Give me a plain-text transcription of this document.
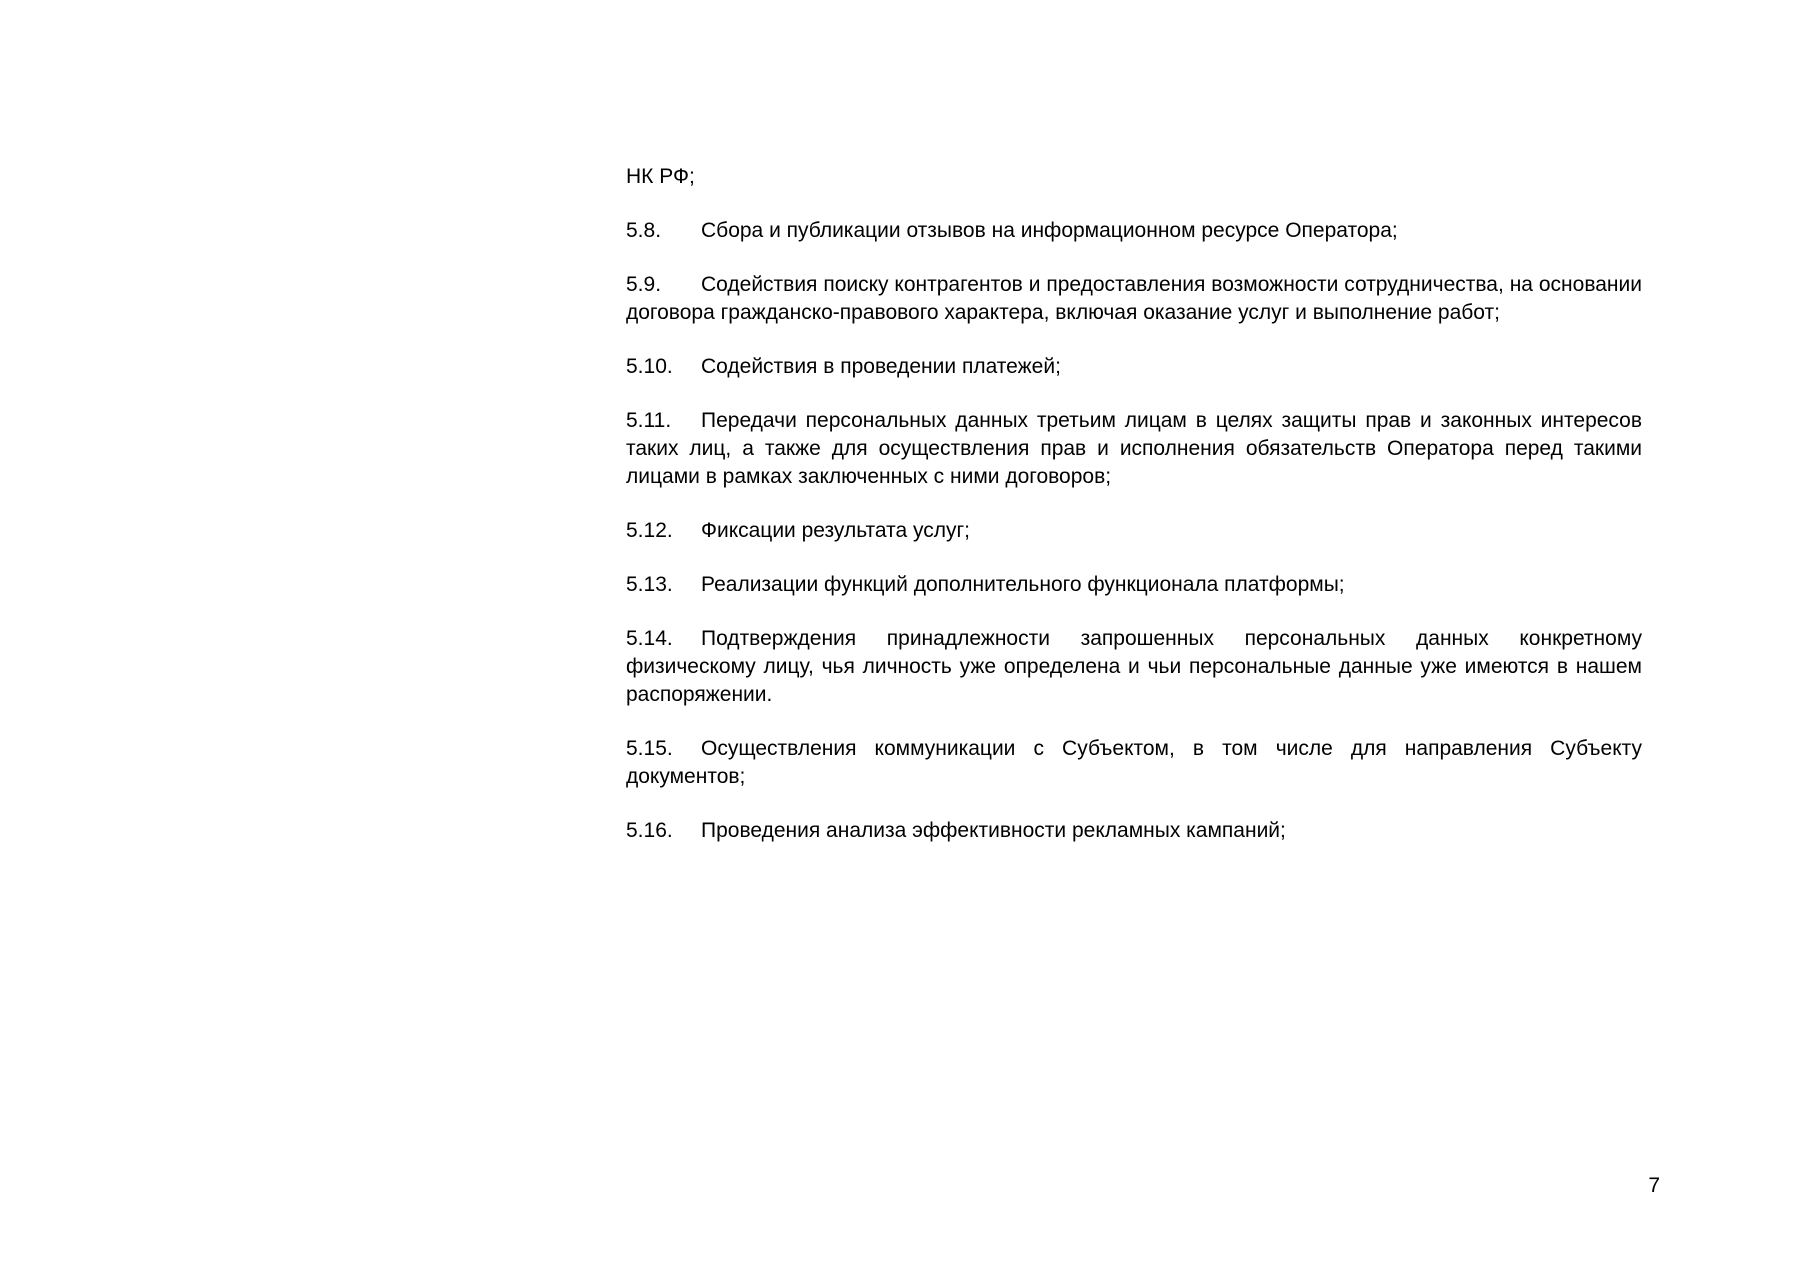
НК РФ;

5.8. Сбора и публикации отзывов на информационном ресурсе Оператора;

5.9. Содействия поиску контрагентов и предоставления возможности сотрудничества, на основании договора гражданско-правового характера, включая оказание услуг и выполнение работ;

5.10. Содействия в проведении платежей;

5.11. Передачи персональных данных третьим лицам в целях защиты прав и законных интересов таких лиц, а также для осуществления прав и исполнения обязательств Оператора перед такими лицами в рамках заключенных с ними договоров;

5.12. Фиксации результата услуг;

5.13. Реализации функций дополнительного функционала платформы;

5.14. Подтверждения принадлежности запрошенных персональных данных конкретному физическому лицу, чья личность уже определена и чьи персональные данные уже имеются в нашем распоряжении.

5.15. Осуществления коммуникации с Субъектом, в том числе для направления Субъекту документов;

5.16. Проведения анализа эффективности рекламных кампаний;

7
